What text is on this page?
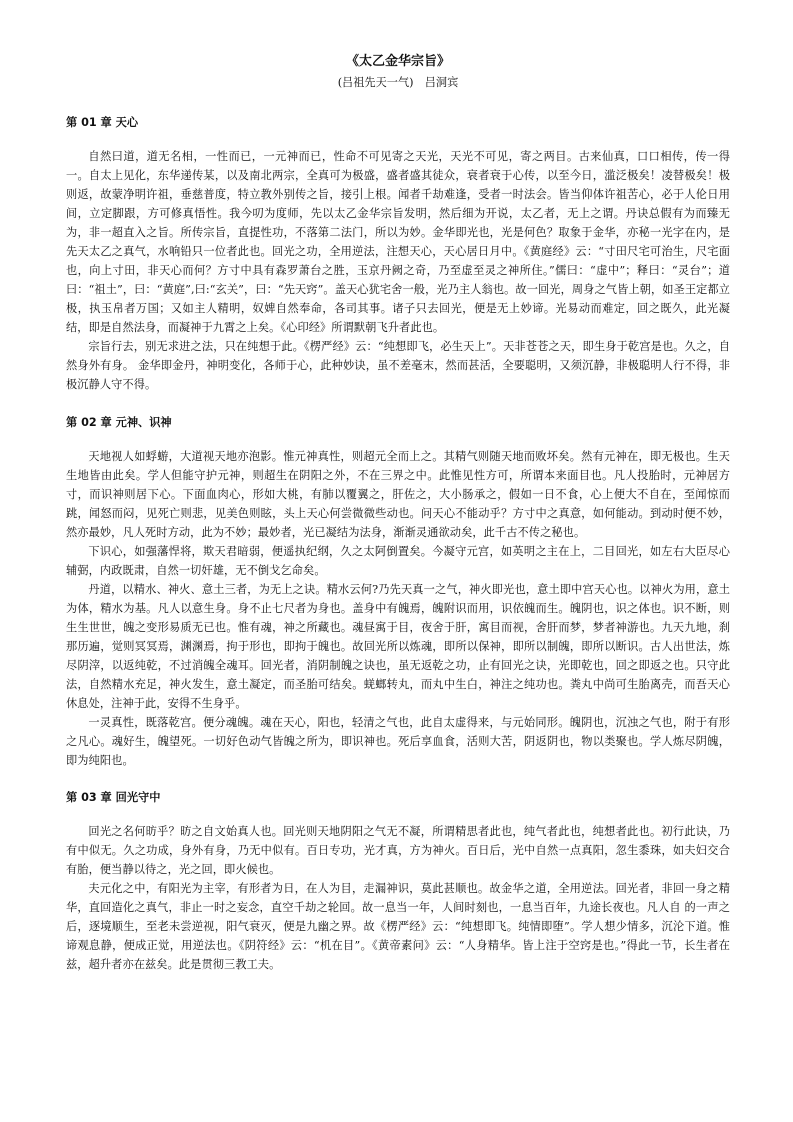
《太乙金华宗旨》
(吕祖先天一气)　吕洞宾
第 01 章 天心

自然曰道，道无名相，一性而已，一元神而已，性命不可见寄之天光，天光不可见，寄之两目。古来仙真，口口相传，传一得一。自太上见化，东华递传某，以及南北两宗，全真可为极盛，盛者盛其徒众，衰者衰于心传，以至今日，滥泛极矣！凌替极矣！极则返，故蒙净明许祖，垂慈普度，特立教外别传之旨，接引上根。闻者千劫难逢，受者一时法会。皆当仰体许祖苦心，必于人伦日用间，立定脚跟，方可修真悟性。我今叨为度师，先以太乙金华宗旨发明，然后细为开说，太乙者，无上之谓。丹诀总假有为而臻无为，非一超直入之旨。所传宗旨，直提性功，不落第二法门，所以为妙。金华即光也，光是何色？取象于金华，亦秘一光字在内，是先天太乙之真气，水响铅只一位者此也。回光之功，全用逆法，注想天心，天心居日月中。《黄庭经》云：“寸田尺宅可治生，尺宅面也，向上寸田，非天心而何？方寸中具有森罗萧台之胜，玉京丹阙之奇，乃至虚至灵之神所住。”儒曰：“虚中”；释曰：“灵台”；道曰：“祖土”，曰：“黄庭”,曰:“玄关”，曰：“先天窍”。盖天心犹宅舍一般，光乃主人翁也。故一回光，周身之气皆上朝，如圣王定都立极，执玉帛者万国；又如主人精明，奴婢自然奉命，各司其事。诸子只去回光，便是无上妙谛。光易动而难定，回之既久，此光凝结，即是自然法身，而凝神于九霄之上矣。《心印经》所谓默朝飞升者此也。

宗旨行去，别无求进之法，只在纯想于此。《楞严经》云：“纯想即飞，必生天上”。天非苍苍之天，即生身于乾宫是也。久之，自然身外有身。 金华即金丹，神明变化，各师于心，此种妙诀，虽不差毫末，然而甚活，全要聪明，又须沉静，非极聪明人行不得，非极沉静人守不得。

第 02 章 元神、识神

天地视人如蜉蝣，大道视天地亦泡影。惟元神真性，则超元全而上之。其精气则随天地而败坏矣。然有元神在，即无极也。生天生地皆由此矣。学人但能守护元神，则超生在阴阳之外，不在三界之中。此惟见性方可，所谓本来面目也。凡人投胎时，元神居方寸，而识神则居下心。下面血肉心，形如大桃，有肺以覆翼之，肝佐之，大小肠承之，假如一日不食，心上便大不自在，至闻惊而跳，闻怒而闷，见死亡则悲，见美色则眩，头上天心何尝微微些动也。问天心不能动乎？方寸中之真意，如何能动。到动时便不妙，然亦最妙，凡人死时方动，此为不妙；最妙者，光已凝结为法身，渐渐灵通欲动矣，此千古不传之秘也。

下识心，如强藩悍将，欺天君暗弱，便遥执纪纲，久之太阿倒置矣。今凝守元宫，如英明之主在上，二目回光，如左右大臣尽心辅弼，内政既肃，自然一切奸雄，无不倒戈乞命矣。

丹道，以精水、神火、意土三者，为无上之诀。精水云何?乃先天真一之气，神火即光也，意土即中宫天心也。以神火为用，意土为体，精水为基。凡人以意生身。身不止七尺者为身也。盖身中有魄焉，魄附识而用，识依魄而生。魄阴也，识之体也。识不断，则生生世世，魄之变形易质无已也。惟有魂，神之所藏也。魂昼寓于目，夜舍于肝，寓目而视，舍肝而梦，梦者神游也。九天九地，刹那历遍，觉则冥冥焉，渊渊焉，拘于形也，即拘于魄也。故回光所以炼魂，即所以保神，即所以制魄，即所以断识。古人出世法，炼尽阴滓，以返纯乾，不过消魄全魂耳。回光者，消阴制魄之诀也，虽无返乾之功，止有回光之诀，光即乾也，回之即返之也。只守此法，自然精水充足，神火发生，意土凝定，而圣胎可结矣。蜣螂转丸，而丸中生白，神注之纯功也。粪丸中尚可生胎离壳，而吾天心休息处，注神于此，安得不生身乎。

一灵真性，既落乾宫。便分魂魄。魂在天心，阳也，轻清之气也，此自太虚得来，与元始同形。魄阴也，沉浊之气也，附于有形之凡心。魂好生，魄望死。一切好色动气皆魄之所为，即识神也。死后享血食，活则大苦，阴返阴也，物以类聚也。学人炼尽阴魄，即为纯阳也。

第 03 章 回光守中

回光之名何昉乎？昉之自文始真人也。回光则天地阴阳之气无不凝，所谓精思者此也，纯气者此也，纯想者此也。初行此诀，乃有中似无。久之功成，身外有身，乃无中似有。百日专功，光才真，方为神火。百日后，光中自然一点真阳，忽生黍珠，如夫妇交合有胎，便当静以待之，光之回，即火候也。

夫元化之中，有阳光为主宰，有形者为日，在人为目，走漏神识，莫此甚顺也。故金华之道，全用逆法。回光者，非回一身之精华，直回造化之真气，非止一时之妄念，直空千劫之轮回。故一息当一年，人间时刻也，一息当百年，九途长夜也。凡人自 的一声之后，逐境顺生，至老未尝逆视，阳气衰灭，便是九幽之界。故《楞严经》云：“纯想即飞。纯情即堕”。学人想少情多，沉沦下道。惟谛观息静，便成正觉，用逆法也。《阴符经》云：“机在目”。《黄帝素问》云：“人身精华。皆上注于空窍是也。”得此一节，长生者在兹，超升者亦在兹矣。此是贯彻三教工夫。
